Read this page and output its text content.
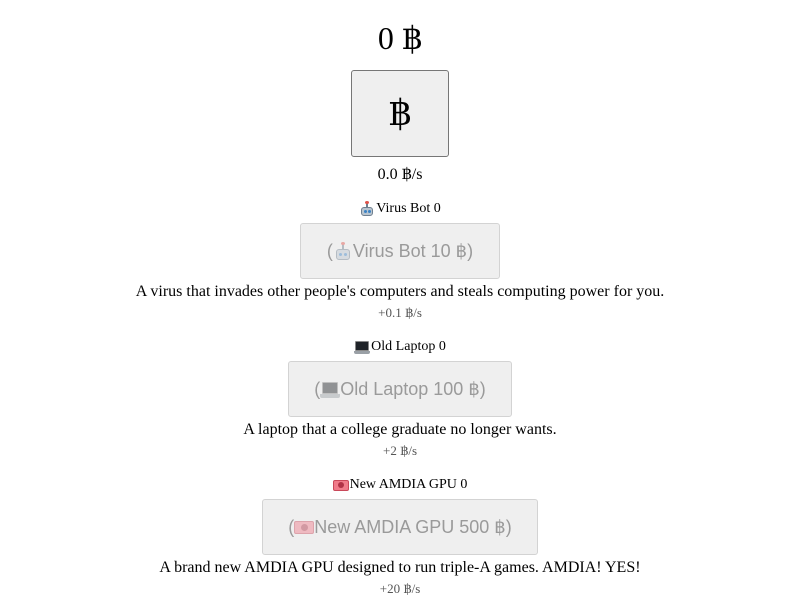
0 ฿
฿
0.0 ฿/s
Virus Bot
0
( Virus Bot 10 ฿)
A virus that invades other people's computers and steals computing power for you.
+0.1 ฿/s
Old Laptop
0
( Old Laptop 100 ฿)
A laptop that a college graduate no longer wants.
+2 ฿/s
New AMDIA GPU
0
( New AMDIA GPU 500 ฿)
A brand new AMDIA GPU designed to run triple-A games. AMDIA! YES!
+20 ฿/s
